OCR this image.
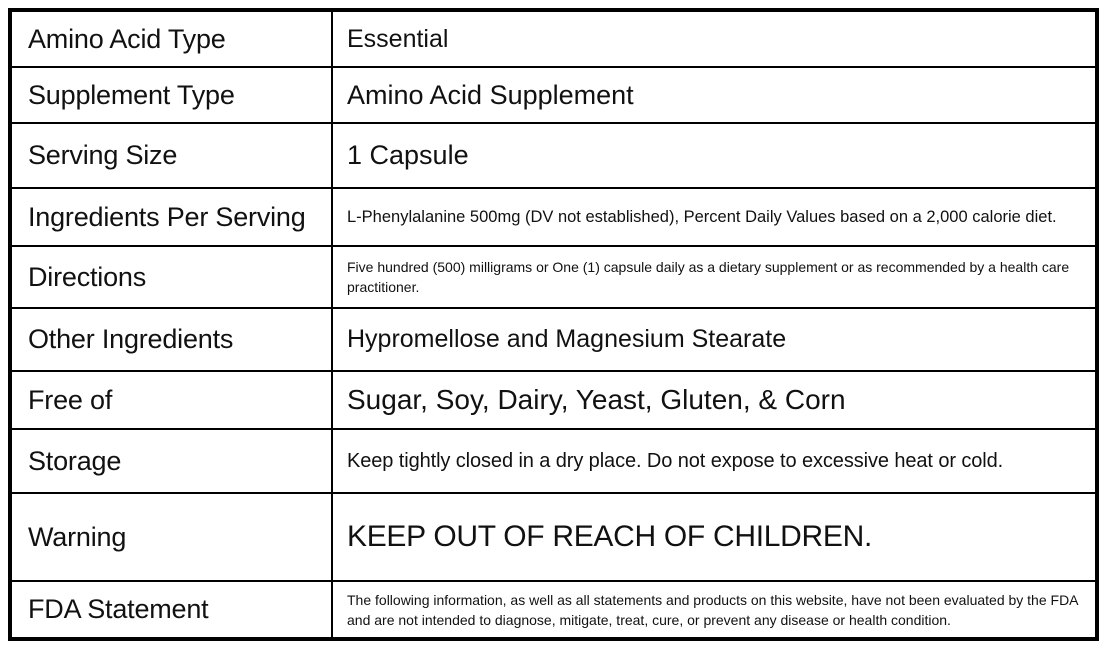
Amino Acid Type	Essential
Supplement Type	Amino Acid Supplement
Serving Size	1 Capsule
Ingredients Per Serving	L-Phenylalanine 500mg (DV not established), Percent Daily Values based on a 2,000 calorie diet.
Directions	Five hundred (500) milligrams or One (1) capsule daily as a dietary supplement or as recommended by a health care practitioner.
Other Ingredients	Hypromellose and Magnesium Stearate
Free of	Sugar, Soy, Dairy, Yeast, Gluten, & Corn
Storage	Keep tightly closed in a dry place. Do not expose to excessive heat or cold.
Warning	KEEP OUT OF REACH OF CHILDREN.
FDA Statement	The following information, as well as all statements and products on this website, have not been evaluated by the FDA and are not intended to diagnose, mitigate, treat, cure, or prevent any disease or health condition.
